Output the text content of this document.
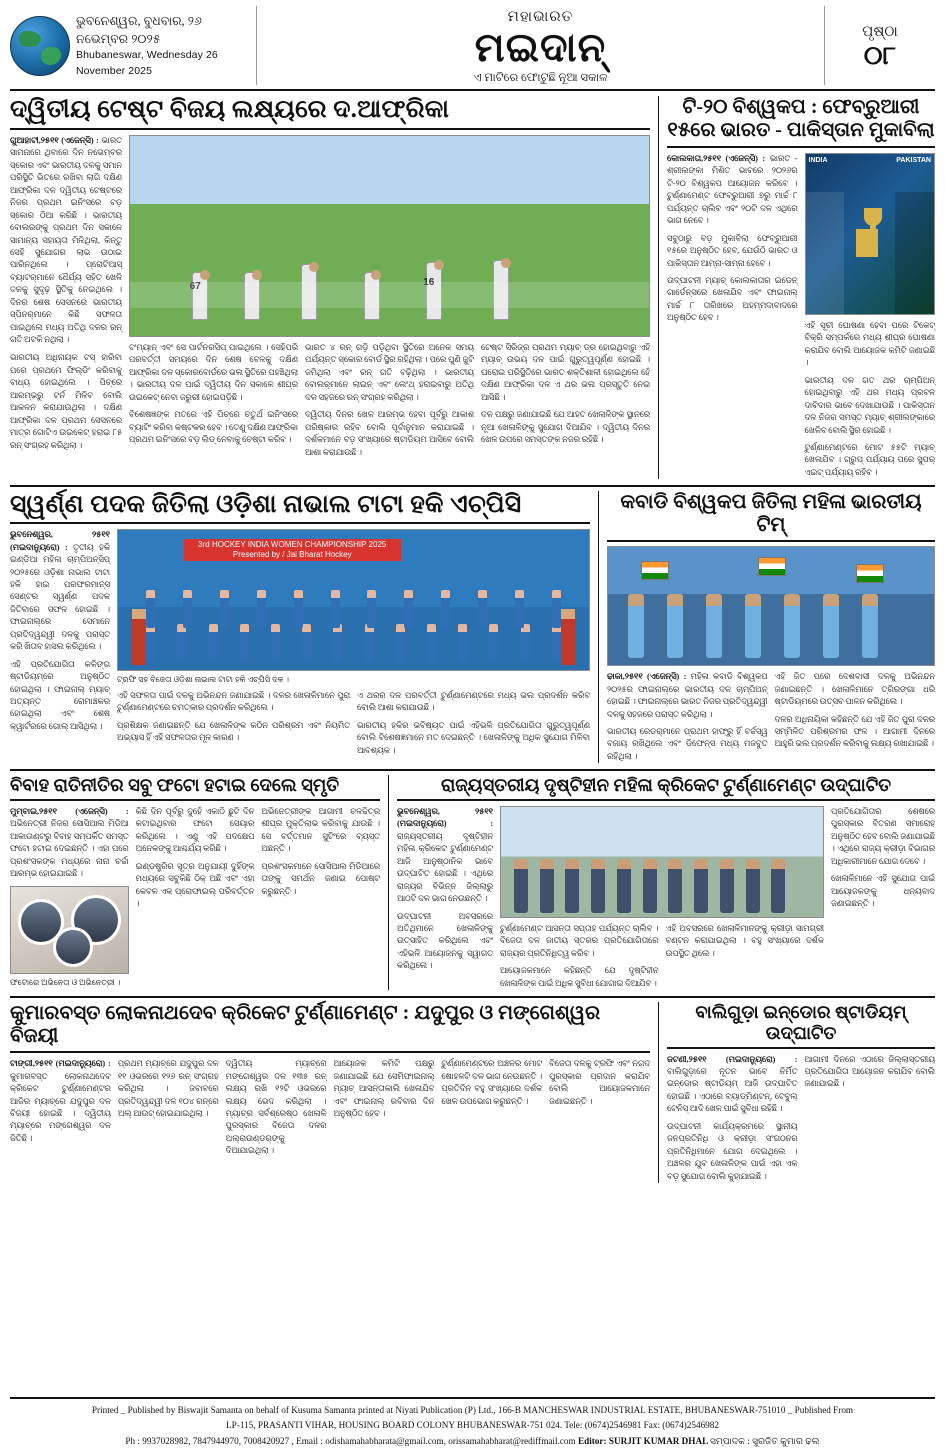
ଭୁବନେଶ୍ୱର, ବୁଧବାର, ୨୬ ନଭେମ୍ବର ୨୦୨୫
Bhubaneswar, Wednesday 26 November 2025
ମହାଭାରତ
ମଇଦାନ୍
ଏ ମାଟିରେ ଫୋଟୁଛି ନୂଆ ସକାଳ
ପୃଷ୍ଠା
୦୮
ଦ୍ୱିତୀୟ ଟେଷ୍ଟ ବିଜୟ ଲକ୍ଷ୍ୟରେ ଦ.ଆଫ୍ରିକା
ଗୁଆହାଟୀ,୨୫୧୧ (ଏଜେନ୍ସି) : ଭାରତ ସାମନାରେ ଥିବାରେ ଦିନ ନଭେମ୍ବର ସ୍କୋର ଏବଂ ଭାରତୀୟ ଦଳକୁ ସମାନ ପରିସ୍ଥିତି ଭିତରେ ରଖିବା ଲାଗି ଦକ୍ଷିଣ ଆଫ୍ରିକା ଦଳ ଦ୍ୱିତୀୟ ଟେଷ୍ଟରେ ନିଜର ପ୍ରଥମ ଇନିଂସରେ ବଡ଼ ସ୍କୋର ଠିଆ କରିଛି । ଭାରତୀୟ ବୋଲରଙ୍କୁ ପ୍ରଥମ ଦିନ ସକାଳେ ସାମାନ୍ୟ ସହାୟତା ମିଳିଥିଲା, କିନ୍ତୁ ସେହି ସୁଯୋଗର ଲାଭ ଉଠାଇ ପାରିନଥିଲେ । ପ୍ରୋଟିଆସ୍ ବ୍ୟାଟର୍‌ମାନେ ଧୈର୍ଯ୍ୟ ସହିତ ଖେଳି ଦଳକୁ ସୁଦୃଢ଼ ସ୍ଥିତିକୁ ନେଇଥିଲେ । ଦିନର ଶେଷ ସେସନରେ ଭାରତୀୟ ସ୍ପିନର୍‌ମାନେ କିଛି ସଫଳତା ପାଇଥିଲେ ମଧ୍ୟ ଅତିଥି ଦଳର ରନ୍ ଗତି ଅଟକି ନଥିଲା ।
ଭାରତୀୟ ଅଧିନାୟକ ଟସ୍ ହାରିବା ପରେ ପ୍ରଥମେ ଫିଲ୍ଡିଂ କରିବାକୁ ବାଧ୍ୟ ହୋଇଥିଲେ । ପିଚ୍‌ରେ ଆରମ୍ଭରୁ ଟର୍ନ ମିଳିବ ବୋଲି ଆକଳନ କରାଯାଉଥିଲା । ଦକ୍ଷିଣ ଆଫ୍ରିକା ଦଳ ପ୍ରଥମ ସେସନରେ ମାତ୍ର ଗୋଟିଏ ଉଇକେଟ୍ ହରାଇ ୮୫ ରନ୍ ସଂଗ୍ରହ କରିଥିଲା ।
67	16
ଟ'ମ୍ୟାନ୍ ଏବଂ ସେ ପାର୍ଟନରସିପ୍ ପାଇଥିଲେ । ସେହିପରି ପରବର୍ତ୍ତୀ ସମୟରେ ଦିନ ଶେଷ ବେଳକୁ ଦକ୍ଷିଣ ଆଫ୍ରିକା ଦଳ ସ୍କୋରବୋର୍ଡରେ ଭଲ ସ୍ଥିତିରେ ପହଞ୍ଚିଥିଲା । ଭାରତୀୟ ଦଳ ପାଇଁ ଦ୍ୱିତୀୟ ଦିନ ସକାଳେ ଶୀଘ୍ର ଉଇକେଟ୍ ନେବା ଜରୁରୀ ହୋଇପଡ଼ିଛି ।
ବିଶେଷଜ୍ଞଙ୍କ ମତରେ ଏହି ପିଚ୍‌ରେ ଚତୁର୍ଥ ଇନିଂସରେ ବ୍ୟାଟିଂ କରିବା କଷ୍ଟକର ହେବ । ତେଣୁ ଦକ୍ଷିଣ ଆଫ୍ରିକା ପ୍ରଥମ ଇନିଂସରେ ବଡ଼ ଲିଡ୍ ନେବାକୁ ଚେଷ୍ଟା କରିବ ।
ଭାରତ ୪ ରନ୍ ଗଡ଼ି ପଡ଼ିଥିବା ସ୍ଥିତିରେ ଅନେକ ସମୟ ପର୍ଯ୍ୟନ୍ତ ସ୍କୋର ବୋର୍ଡ ସ୍ଥିର ରହିଥିଲା । ପରେ ପୁଣି ଜୁଟି ଜମିଥିଲା ଏବଂ ରନ୍ ଗତି ବଢ଼ିଥିଲା । ଭାରତୀୟ ବୋଲର୍‌ମାନେ ଲାଇନ୍ ଏବଂ ଲେଂଥ୍ ହରାଇବାରୁ ଅତିଥି ଦଳ ସହଜରେ ରନ୍ ସଂଗ୍ରହ କରିଥିଲା ।
ଦ୍ୱିତୀୟ ଦିନର ଖେଳ ଆରମ୍ଭ ହେବା ପୂର୍ବରୁ ଆକାଶ ପରିଷ୍କାର ରହିବ ବୋଲି ପୂର୍ବାନୁମାନ କରାଯାଇଛି । ଦର୍ଶକମାନେ ବଡ଼ ସଂଖ୍ୟାରେ ଷ୍ଟାଡିୟମ ଆସିବେ ବୋଲି ଆଶା କରାଯାଉଛି ।
ଟେଷ୍ଟ ସିରିଜ୍‌ର ପ୍ରଥମ ମ୍ୟାଚ୍ ଡ୍ର ହୋଇଥିବାରୁ ଏହି ମ୍ୟାଚ୍ ଉଭୟ ଦଳ ପାଇଁ ଗୁରୁତ୍ୱପୂର୍ଣ୍ଣ ହୋଇଛି । ଘରୋଇ ପରିସ୍ଥିତିରେ ଭାରତ ଶକ୍ତିଶାଳୀ ହୋଇଥିଲେ ହେଁ ଦକ୍ଷିଣ ଆଫ୍ରିକା ଦଳ ଏ ଥର ଭଲ ପ୍ରସ୍ତୁତି ନେଇ ଆସିଛି ।
ଦଳ ପକ୍ଷରୁ ଜଣାଯାଇଛି ଯେ ଆହତ ଖେଳାଳିଙ୍କ ସ୍ଥାନରେ ନୂଆ ଖେଳାଳିଙ୍କୁ ସୁଯୋଗ ଦିଆଯିବ । ଦ୍ୱିତୀୟ ଦିନର ଖେଳ ଉପରେ ସମସ୍ତଙ୍କ ନଜର ରହିଛି ।
ଟି-୨୦ ବିଶ୍ୱକପ : ଫେବ୍ରୁଆରୀ
୧୫ରେ ଭାରତ - ପାକିସ୍ତାନ ମୁକାବିଲା
କୋଲକାତା,୨୫୧୧ (ଏଜେନ୍ସି) : ଭାରତ - ଶ୍ରୀଲଙ୍କା ମିଶିତ ଭାବରେ ୨୦୨୬ର ଟି-୨୦ ବିଶ୍ୱକପ ଆୟୋଜନ କରିବେ । ଟୁର୍ଣ୍ଣାମେଣ୍ଟ ଫେବ୍ରୁଆରୀ ୭ରୁ ମାର୍ଚ୍ଚ ୮ ପର୍ଯ୍ୟନ୍ତ ଚାଲିବ ଏବଂ ୨୦ଟି ଦଳ ଏଥିରେ ଭାଗ ନେବେ ।
ସବୁଠାରୁ ବଡ଼ ମୁକାବିଲା ଫେବ୍ରୁଆରୀ ୧୫ରେ ଅନୁଷ୍ଠିତ ହେବ, ଯେଉଁଠି ଭାରତ ଓ ପାକିସ୍ତାନ ଆମ୍‌ନା-ସାମ୍‌ନା ହେବେ ।
ଉଦ୍‌ଘାଟନୀ ମ୍ୟାଚ୍ କୋଲକାତାର ଇଡେନ୍ ଗାର୍ଡେନ୍ସରେ ଖେଳାଯିବ ଏବଂ ଫାଇନାଲ୍ ମାର୍ଚ୍ଚ ୮ ତାରିଖରେ ଅହମ୍ମଦାବାଦରେ ଅନୁଷ୍ଠିତ ହେବ ।
INDIA	PAKISTAN
ଏହି ସୂଚୀ ଘୋଷଣା ହେବା ପରେ ଟିକେଟ୍ ବିକ୍ରି ସମ୍ପର୍କରେ ମଧ୍ୟ ଶୀଘ୍ର ଘୋଷଣା କରାଯିବ ବୋଲି ଆୟୋଜକ କମିଟି ଜଣାଇଛି ।
ଭାରତୀୟ ଦଳ ଗତ ଥର ଚାମ୍ପିଅନ୍ ହୋଇଥିବାରୁ ଏହି ଥର ମଧ୍ୟ ପ୍ରବଳ ଦାବିଦାର ଭାବେ ଦେଖାଯାଉଛି । ପାକିସ୍ତାନ ଦଳ ନିଜର ସମସ୍ତ ମ୍ୟାଚ୍ ଶ୍ରୀଲଙ୍କାରେ ଖେଳିବ ବୋଲି ସ୍ଥିର ହୋଇଛି ।
ଟୁର୍ଣ୍ଣାମେଣ୍ଟରେ ମୋଟ ୫୫ଟି ମ୍ୟାଚ୍ ଖେଳାଯିବ । ଗ୍ରୁପ୍ ପର୍ଯ୍ୟାୟ ପରେ ସୁପର୍ ଏଇଟ୍ ପର୍ଯ୍ୟାୟ ରହିବ ।
ସ୍ୱର୍ଣ୍ଣ ପଦକ ଜିତିଲା ଓଡ଼ିଶା ନାଭାଲ ଟାଟା ହକି ଏଚ୍‌ପିସି
ଭୁବନେଶ୍ୱର, ୨୫୧୧ (ମଇଦାନ୍ୟୁରୋ) : ତୃତୀୟ ହକି ଇଣ୍ଡିଆ ମହିଳା ଚାମ୍ପିଅନ୍‌ସିପ୍ ୨୦୨୫ରେ ଓଡ଼ିଶା ନାଭାଲ ଟାଟା ହକି ହାଇ ପରଫରମାନ୍ସ ସେଣ୍ଟର ସ୍ୱର୍ଣ୍ଣ ପଦକ ଜିତିବାରେ ସଫଳ ହୋଇଛି । ଫାଇନାଲ୍‌ରେ ସେମାନେ ପ୍ରତିଦ୍ୱନ୍ଦ୍ୱୀ ଦଳକୁ ପରାସ୍ତ କରି ଖିତାବ ହାସଲ କରିଥିଲେ ।
ଏହି ପ୍ରତିଯୋଗିତା କଳିଙ୍ଗ ଷ୍ଟାଡିୟମ୍‌ରେ ଅନୁଷ୍ଠିତ ହୋଇଥିଲା । ଫାଇନାଲ୍ ମ୍ୟାଚ୍ ଅତ୍ୟନ୍ତ ରୋମାଞ୍ଚକର ହୋଇଥିଲା ଏବଂ ଶେଷ କ୍ୱାର୍ଟରରେ ଗୋଲ୍ ଆସିଥିଲା ।
3rd HOCKEY INDIA WOMEN CHAMPIONSHIP 2025 Presented by / Jai Bharat Hockey
ଟ୍ରଫି ସହ ବିଜେତା ଓଡ଼ିଶା ନାଭାଲ ଟାଟା ହକି ଏଚ୍‌ପିସି ଦଳ ।
ଏହି ସଫଳତା ପାଇଁ ଦଳକୁ ଅଭିନନ୍ଦନ ଜଣାଯାଇଛି । ଦଳର ଖେଳାଳିମାନେ ପୁରା ଟୁର୍ଣ୍ଣାମେଣ୍ଟରେ ଚମତ୍କାର ପ୍ରଦର୍ଶନ କରିଥିଲେ ।
ପ୍ରଶିକ୍ଷକ ଜଣାଇଛନ୍ତି ଯେ ଖେଳାଳିଙ୍କ କଠିନ ପରିଶ୍ରମ ଏବଂ ନିୟମିତ ଅଭ୍ୟାସ ହିଁ ଏହି ସଫଳତାର ମୂଳ କାରଣ ।
ଏ ଥରର ଦଳ ପରବର୍ତ୍ତୀ ଟୁର୍ଣ୍ଣାମେଣ୍ଟରେ ମଧ୍ୟ ଭଲ ପ୍ରଦର୍ଶନ କରିବ ବୋଲି ଆଶା କରାଯାଉଛି ।
ଭାରତୀୟ ହକିର ଭବିଷ୍ୟତ ପାଇଁ ଏହିଭଳି ପ୍ରତିଯୋଗିତା ଗୁରୁତ୍ୱପୂର୍ଣ୍ଣ ବୋଲି ବିଶେଷଜ୍ଞମାନେ ମତ ଦେଇଛନ୍ତି । ଖେଳାଳିଙ୍କୁ ଅଧିକ ସୁଯୋଗ ମିଳିବା ଆବଶ୍ୟକ ।
କବାଡି ବିଶ୍ୱକପ ଜିତିଲା ମହିଳା ଭାରତୀୟ ଟିମ୍
ଢାକା,୨୫୧୧ (ଏଜେନ୍ସି) : ମହିଳା କବାଡି ବିଶ୍ୱକପ ୨୦୨୫ର ଫାଇନାଲ୍‌ରେ ଭାରତୀୟ ଦଳ ଚାମ୍ପିଅନ୍ ହୋଇଛି । ଫାଇନାଲ୍‌ରେ ଭାରତ ନିଜର ପ୍ରତିଦ୍ୱନ୍ଦ୍ୱୀ ଦଳକୁ ସହଜରେ ପରାସ୍ତ କରିଥିଲା ।
ଭାରତୀୟ ରେଡର୍‌ମାନେ ପ୍ରଥମ ହାଫ୍‌ରୁ ହିଁ ବର୍ଚ୍ଚସ୍ୱ ବଜାୟ ରଖିଥିଲେ ଏବଂ ଡିଫେନ୍ସ ମଧ୍ୟ ମଜବୁତ ରହିଥିଲା ।
ଏହି ଜିତ ପରେ ଦେଶବାସୀ ଦଳକୁ ଅଭିନନ୍ଦନ ଜଣାଇଛନ୍ତି । ଖେଳାଳିମାନେ ତ୍ରିରଙ୍ଗା ଧରି ଷ୍ଟାଡିୟମରେ ଉତ୍ସବ ପାଳନ କରିଥିଲେ ।
ଦଳର ଅଧିନାୟିକା କହିଛନ୍ତି ଯେ ଏହି ଜିତ ପୁରା ଦଳର ସମ୍ମିଳିତ ପରିଶ୍ରମର ଫଳ । ଆଗାମୀ ଦିନରେ ଆହୁରି ଭଲ ପ୍ରଦର୍ଶନ କରିବାକୁ ଲକ୍ଷ୍ୟ ରଖାଯାଇଛି ।
ବିବାହ ରାତିନୀତିର ସବୁ ଫଟୋ ହଟାଇ ଦେଲେ ସ୍ମୃତି
ମୁମ୍ବାଇ,୨୫୧୧ (ଏଜେନ୍ସି) : ଅଭିନେତ୍ରୀ ନିଜର ସୋସିଆଲ ମିଡିଆ ଆକାଉଣ୍ଟରୁ ବିବାହ ସମ୍ପର୍କିତ ସମସ୍ତ ଫଟୋ ହଟାଇ ଦେଇଛନ୍ତି । ଏହା ପରେ ପ୍ରଶଂସକଙ୍କ ମଧ୍ୟରେ ନାନା ଚର୍ଚ୍ଚା ଆରମ୍ଭ ହୋଇଯାଇଛି ।
ଫଟୋରେ ଅଭିନେତା ଓ ଅଭିନେତ୍ରୀ ।
କିଛି ଦିନ ପୂର୍ବରୁ ଦୁହେଁ ଏକାଠି ଛୁଟି ଦିନ କଟାଇଥିବାର ଫଟୋ ସେୟାର କରିଥିଲେ । ଏଣୁ ଏହି ପଦକ୍ଷେପ ଅନେକଙ୍କୁ ଆଶ୍ଚର୍ଯ୍ୟ କରିଛି ।
ଇଣ୍ଡଷ୍ଟ୍ରିର ସୂତ୍ର ଅନୁଯାୟୀ ଦୁହିଁଙ୍କ ମଧ୍ୟରେ ସବୁକିଛି ଠିକ୍ ଅଛି ଏବଂ ଏହା କେବଳ ଏକ ପ୍ରୋଫାଇଲ୍ ପରିବର୍ତ୍ତନ ।
ଅଭିନେତ୍ରୀଙ୍କ ଆଗାମୀ ଚଳଚ୍ଚିତ୍ର ଶୀଘ୍ର ମୁକ୍ତିଲାଭ କରିବାକୁ ଯାଉଛି । ସେ ବର୍ତ୍ତମାନ ସୁଟିଂରେ ବ୍ୟସ୍ତ ଅଛନ୍ତି ।
ପ୍ରଶଂସକମାନେ ସୋସିଆଲ ମିଡିଆରେ ତାଙ୍କୁ ସମର୍ଥନ ଜଣାଇ ପୋଷ୍ଟ କରୁଛନ୍ତି ।
ରାଜ୍ୟସ୍ତରୀୟ ଦୃଷ୍ଟିହୀନ ମହିଳା କ୍ରିକେଟ ଟୁର୍ଣ୍ଣାମେଣ୍ଟ ଉଦ୍‌ଘାଟିତ
ଭୁବନେଶ୍ୱର, ୨୫୧୧ (ମଇଦାନ୍ୟୁରୋ) : ରାଜ୍ୟସ୍ତରୀୟ ଦୃଷ୍ଟିହୀନ ମହିଳା କ୍ରିକେଟ ଟୁର୍ଣ୍ଣାମେଣ୍ଟ ଆଜି ଆନୁଷ୍ଠାନିକ ଭାବେ ଉଦ୍‌ଘାଟିତ ହୋଇଛି । ଏଥିରେ ରାଜ୍ୟର ବିଭିନ୍ନ ଜିଲ୍ଲାରୁ ଆଠଟି ଦଳ ଭାଗ ନେଉଛନ୍ତି ।
ଉଦ୍‌ଘାଟନୀ ଅବସରରେ ଅତିଥିମାନେ ଖେଳାଳିଙ୍କୁ ଉତ୍ସାହିତ କରିଥିଲେ ଏବଂ ଏହିଭଳି ଆୟୋଜନକୁ ସ୍ୱାଗତ କରିଥିଲେ ।
ଟୁର୍ଣ୍ଣାମେଣ୍ଟ ଆସନ୍ତା ସପ୍ତାହ ପର୍ଯ୍ୟନ୍ତ ଚାଲିବ । ବିଜେତା ଦଳ ଜାତୀୟ ସ୍ତରର ପ୍ରତିଯୋଗିତାରେ ରାଜ୍ୟର ପ୍ରତିନିଧିତ୍ୱ କରିବ ।
ଆୟୋଜକମାନେ କହିଛନ୍ତି ଯେ ଦୃଷ୍ଟିହୀନ ଖେଳାଳିଙ୍କ ପାଇଁ ଅଧିକ ସୁବିଧା ଯୋଗାଇ ଦିଆଯିବ ।
ଏହି ଅବସରରେ ଖେଳାଳିମାନଙ୍କୁ କ୍ରୀଡ଼ା ସାମଗ୍ରୀ ବଣ୍ଟନ କରାଯାଇଥିଲା । ବହୁ ସଂଖ୍ୟାରେ ଦର୍ଶକ ଉପସ୍ଥିତ ଥିଲେ ।
ପ୍ରତିଯୋଗିତାର ଶେଷରେ ପୁରସ୍କାର ବିତରଣ ସମାରୋହ ଅନୁଷ୍ଠିତ ହେବ ବୋଲି ଜଣାଯାଇଛି । ଏଥିରେ ରାଜ୍ୟ କ୍ରୀଡ଼ା ବିଭାଗର ଅଧିକାରୀମାନେ ଯୋଗ ଦେବେ ।
ଖେଳାଳିମାନେ ଏହି ସୁଯୋଗ ପାଇଁ ଆୟୋଜକଙ୍କୁ ଧନ୍ୟବାଦ ଜଣାଇଛନ୍ତି ।
କୁମାରବସ୍ତ ଲୋକନାଥଦେବ କ୍ରିକେଟ ଟୁର୍ଣ୍ଣାମେଣ୍ଟ : ଯଦୁପୁର ଓ ମଙ୍ଗେଶ୍ୱର ବିଜୟୀ
ଟାଙ୍ଗୀ,୨୫୧୧ (ମଇଦାନ୍ୟୁରୋ) : କୁମାରବସ୍ତ ଲୋକନାଥଦେବ କ୍ରିକେଟ ଟୁର୍ଣ୍ଣାମେଣ୍ଟର ଆଜିର ମ୍ୟାଚ୍‌ରେ ଯଦୁପୁର ଦଳ ବିଜୟୀ ହୋଇଛି । ଦ୍ୱିତୀୟ ମ୍ୟାଚ୍‌ରେ ମଙ୍ଗେଶ୍ୱର ଦଳ ଜିତିଛି ।
ପ୍ରଥମ ମ୍ୟାଚ୍‌ରେ ଯଦୁପୁର ଦଳ ୧୧ ଓଭରରେ ୧୨୬ ରନ୍ ସଂଗ୍ରହ କରିଥିଲା । ଜବାବରେ ପ୍ରତିଦ୍ୱନ୍ଦ୍ୱୀ ଦଳ ୧୦୪ ରନ୍‌ରେ ଅଲ୍ ଆଉଟ୍ ହୋଇଯାଇଥିଲା ।
ଦ୍ୱିତୀୟ ମ୍ୟାଚ୍‌ରେ ମଙ୍ଗେଶ୍ୱର ଦଳ ୧୩୫ ରନ୍ ଲକ୍ଷ୍ୟ ରଖି ୧୨ଟି ଓଭରରେ ଲକ୍ଷ୍ୟ ଭେଦ କରିଥିଲା । ମ୍ୟାଚ୍‌ର ସର୍ବଶ୍ରେଷ୍ଠ ଖେଳାଳି ପୁରସ୍କାର ବିଜେତା ଦଳର ଅଲ୍‌ରାଉଣ୍ଡର୍‌ଙ୍କୁ ଦିଆଯାଇଥିଲା ।
ଆୟୋଜକ କମିଟି ପକ୍ଷରୁ ଜଣାଯାଇଛି ଯେ ସେମିଫାଇନାଲ୍ ମ୍ୟାଚ୍ ଆସନ୍ତାକାଲି ଖେଳାଯିବ ଏବଂ ଫାଇନାଲ୍ ରବିବାର ଦିନ ଅନୁଷ୍ଠିତ ହେବ ।
ଟୁର୍ଣ୍ଣାମେଣ୍ଟରେ ଅଞ୍ଚଳର ମୋଟ ଷୋହଳଟି ଦଳ ଭାଗ ନେଉଛନ୍ତି । ପ୍ରତିଦିନ ବହୁ ସଂଖ୍ୟାରେ ଦର୍ଶକ ଖେଳ ଉପଭୋଗ କରୁଛନ୍ତି ।
ବିଜେତା ଦଳକୁ ଟ୍ରଫି ଏବଂ ନଗଦ ପୁରସ୍କାର ପ୍ରଦାନ କରାଯିବ ବୋଲି ଆୟୋଜକମାନେ ଜଣାଇଛନ୍ତି ।
ବାଲିଗୁଡ଼ା ଇନ୍‌ଡୋର ଷ୍ଟାଡିୟମ୍ ଉଦ୍‌ଘାଟିତ
ଜଟଣୀ,୨୫୧୧ (ମଇଦାନ୍ୟୁରୋ) : ବାଲିଗୁଡ଼ାରେ ନୂତନ ଭାବେ ନିର୍ମିତ ଇନ୍‌ଡୋର ଷ୍ଟାଡିୟମ୍ ଆଜି ଉଦ୍‌ଘାଟିତ ହୋଇଛି । ଏଠାରେ ବ୍ୟାଡ୍‌ମିଣ୍ଟନ୍, ଟେବୁଲ୍ ଟେନିସ୍ ଆଦି ଖେଳ ପାଇଁ ସୁବିଧା ରହିଛି ।
ଉଦ୍‌ଘାଟନୀ କାର୍ଯ୍ୟକ୍ରମରେ ସ୍ଥାନୀୟ ଜନପ୍ରତିନିଧି ଓ କ୍ରୀଡ଼ା ସଂଗଠନର ପ୍ରତିନିଧିମାନେ ଯୋଗ ଦେଇଥିଲେ । ଅଞ୍ଚଳର ଯୁବ ଖେଳାଳିଙ୍କ ପାଇଁ ଏହା ଏକ ବଡ଼ ସୁଯୋଗ ବୋଲି କୁହାଯାଇଛି ।
ଆଗାମୀ ଦିନରେ ଏଠାରେ ଜିଲ୍ଲାସ୍ତରୀୟ ପ୍ରତିଯୋଗିତା ଆୟୋଜନ କରାଯିବ ବୋଲି ଜଣାଯାଇଛି ।
Printed _ Published by Biswajit Samanta on behalf of Kusuma Samanta printed at Niyati Publication (P) Ltd., 166-B MANCHESWAR INDUSTRIAL ESTATE, BHUBANESWAR-751010 _ Published From
LP-115, PRASANTI VIHAR, HOUSING BOARD COLONY BHUBANESWAR-751 024. Tele: (0674)2546981 Fax: (0674)2546982
Ph : 9937028982, 7847944970, 7008420927 , Email : odishamahabharata@gmail.com, orissamahabharat@rediffmail.com Editor: SURJIT KUMAR DHAL ସମ୍ପାଦକ : ସୁରଜିତ କୁମାର ଢଲ
